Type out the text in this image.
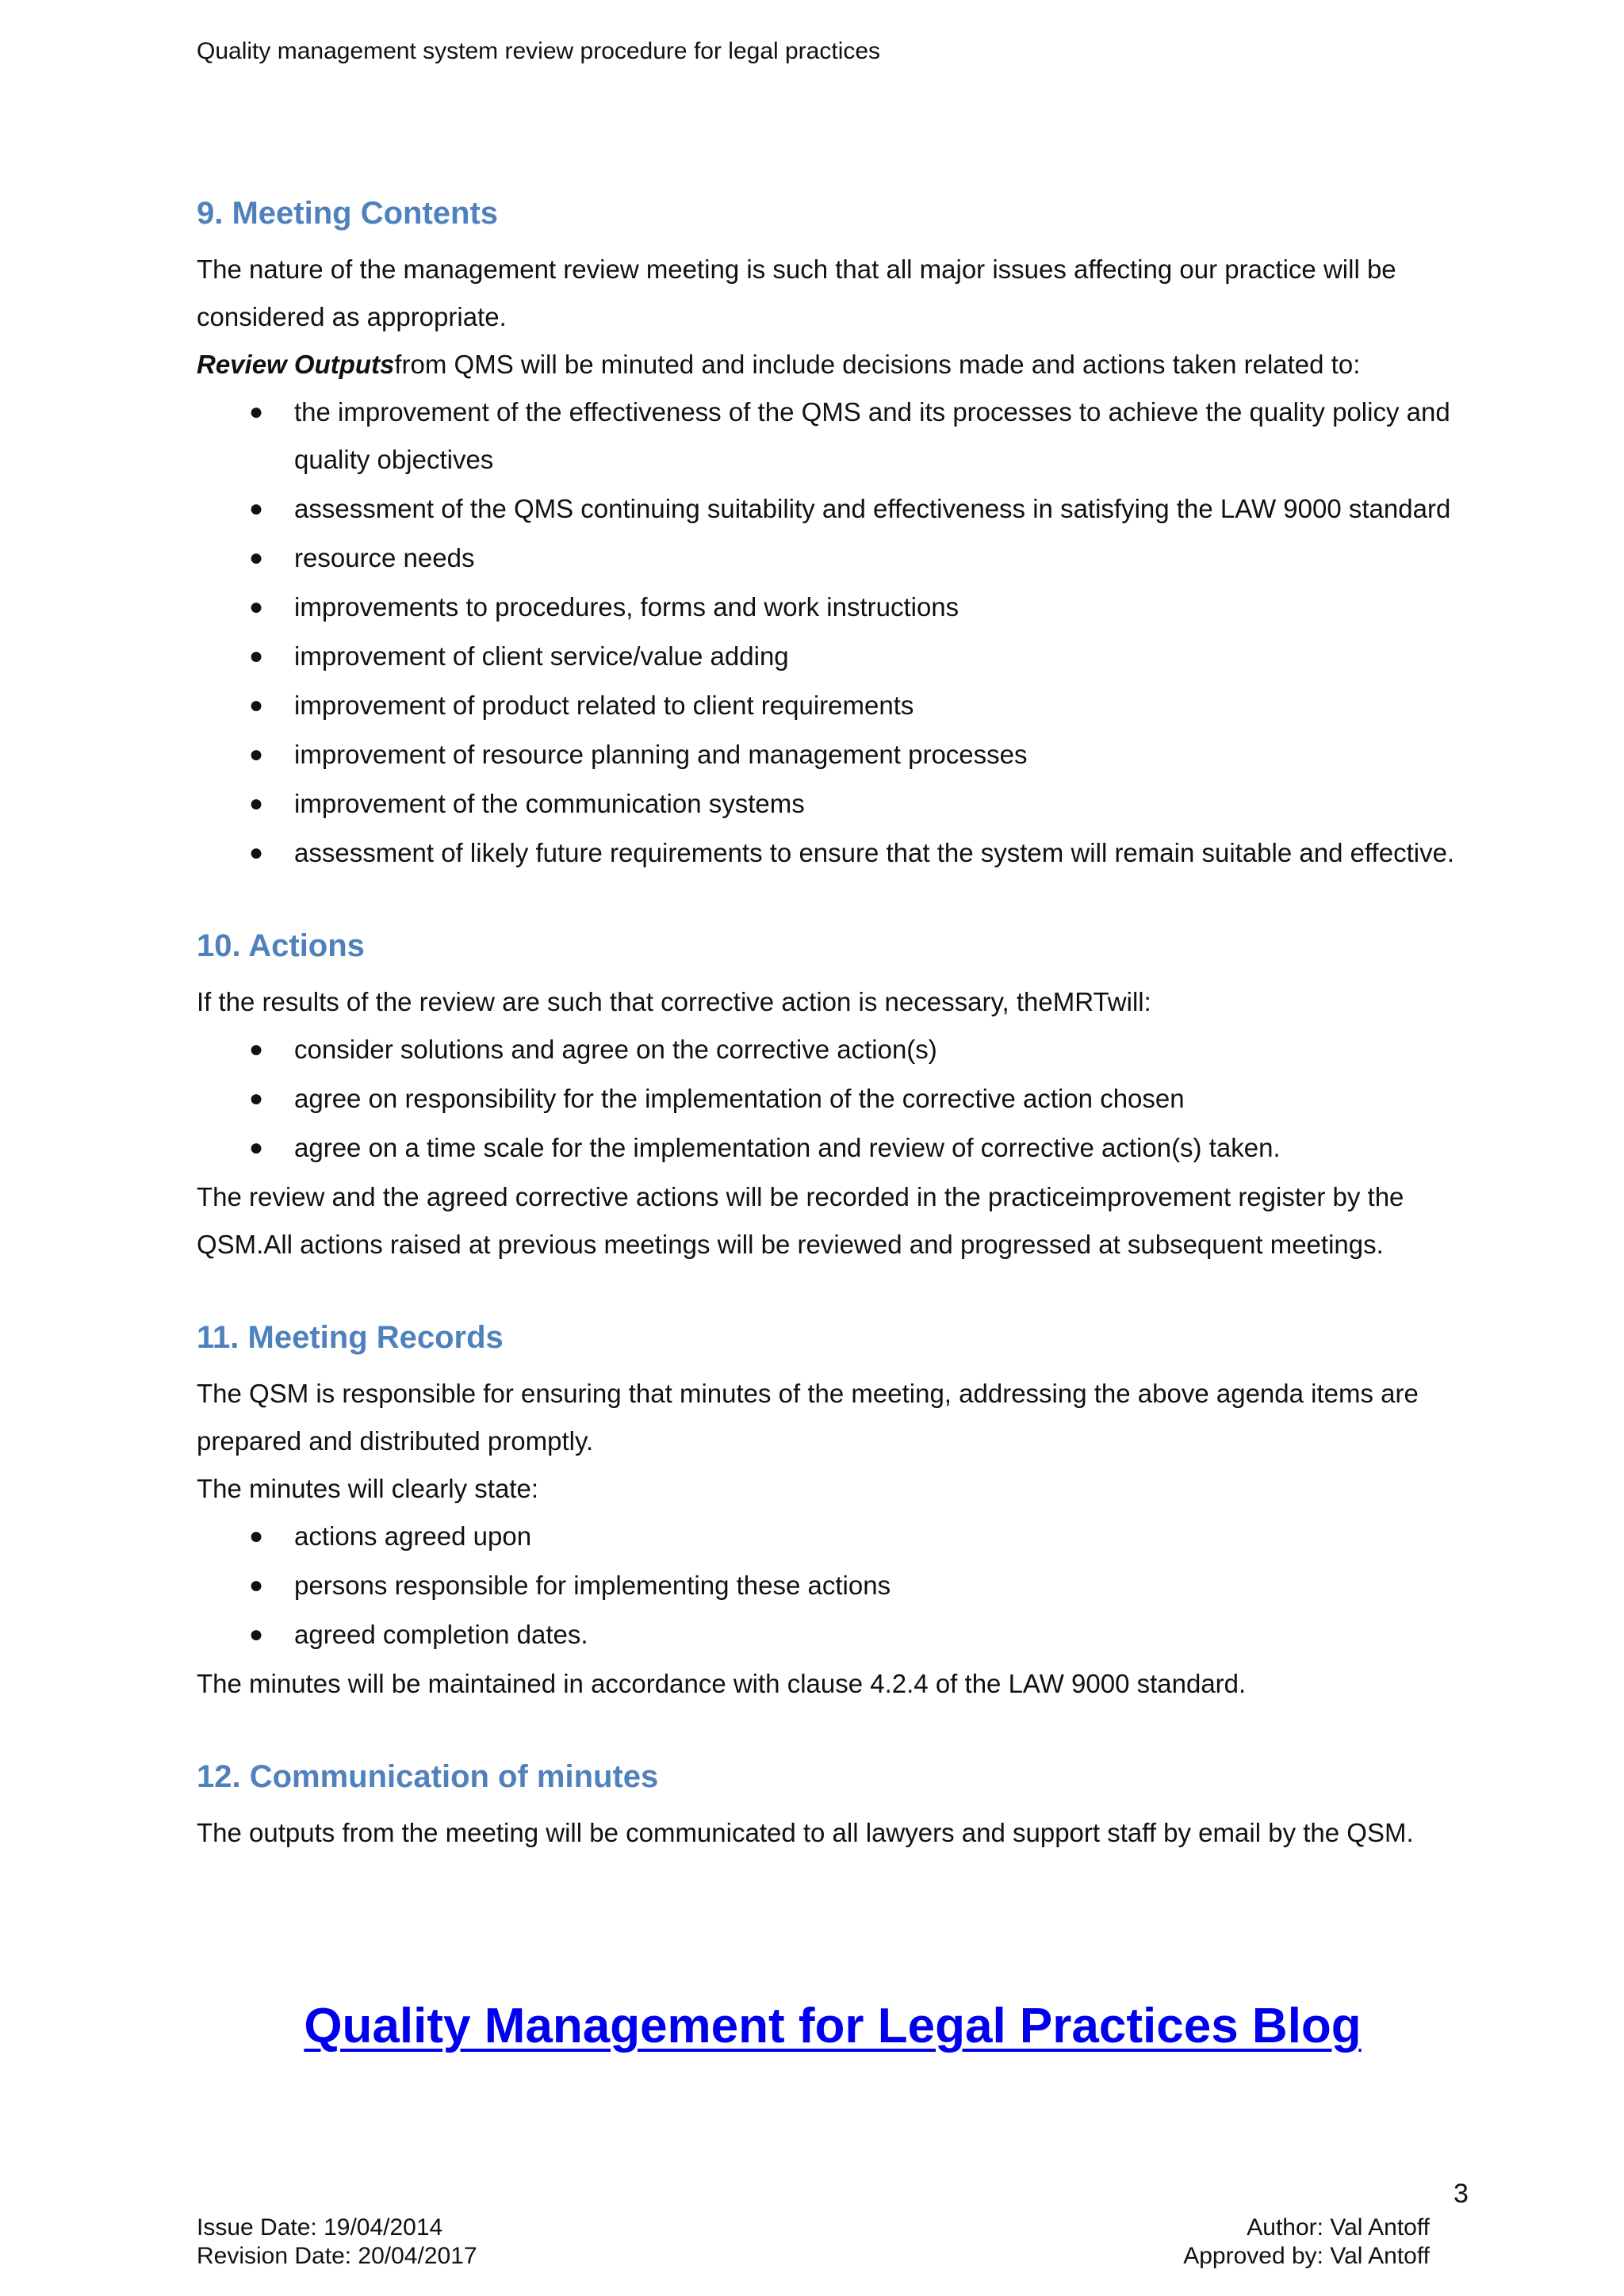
Quality management system review procedure for legal practices
9. Meeting Contents

The nature of the management review meeting is such that all major issues affecting our practice will be considered as appropriate.

Review Outputsfrom QMS will be minuted and include decisions made and actions taken related to:

● the improvement of the effectiveness of the QMS and its processes to achieve the quality policy and quality objectives
● assessment of the QMS continuing suitability and effectiveness in satisfying the LAW 9000 standard
● resource needs
● improvements to procedures, forms and work instructions
● improvement of client service/value adding
● improvement of product related to client requirements
● improvement of resource planning and management processes
● improvement of the communication systems
● assessment of likely future requirements to ensure that the system will remain suitable and effective.
10. Actions

If the results of the review are such that corrective action is necessary, theMRTwill:

● consider solutions and agree on the corrective action(s)
● agree on responsibility for the implementation of the corrective action chosen
● agree on a time scale for the implementation and review of corrective action(s) taken.

The review and the agreed corrective actions will be recorded in the practiceimprovement register by the QSM.All actions raised at previous meetings will be reviewed and progressed at subsequent meetings.

11. Meeting Records

The QSM is responsible for ensuring that minutes of the meeting, addressing the above agenda items are prepared and distributed promptly.

The minutes will clearly state:

● actions agreed upon
● persons responsible for implementing these actions
● agreed completion dates.

The minutes will be maintained in accordance with clause 4.2.4 of the LAW 9000 standard.

12. Communication of minutes

The outputs from the meeting will be communicated to all lawyers and support staff by email by the QSM.

Quality Management for Legal Practices Blog
3
Issue Date: 19/04/2014
Revision Date: 20/04/2017
Author: Val Antoff
Approved by: Val Antoff
